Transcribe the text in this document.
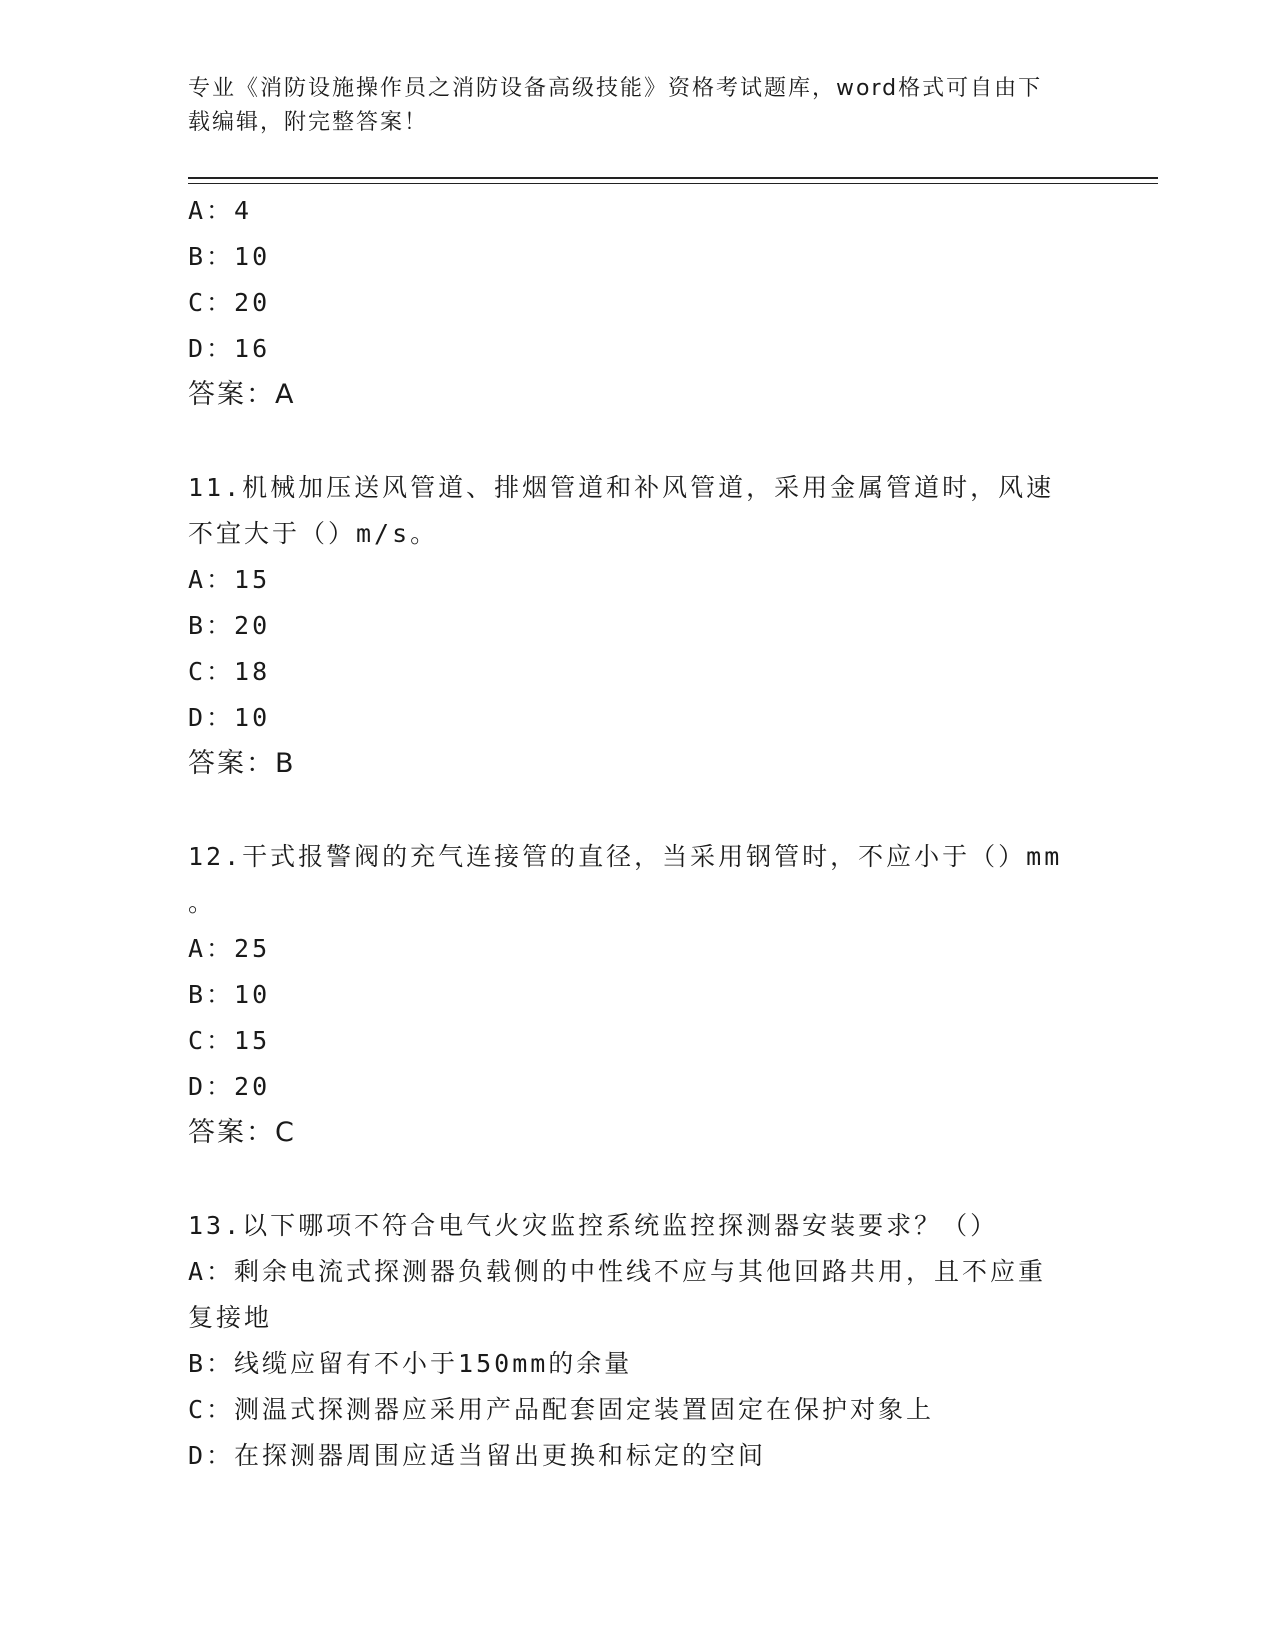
专业《消防设施操作员之消防设备高级技能》资格考试题库，word格式可自由下
载编辑，附完整答案！
A：4
B：10
C：20
D：16
答案：A
11.机械加压送风管道、排烟管道和补风管道，采用金属管道时，风速
不宜大于（）m/s。
A：15
B：20
C：18
D：10
答案：B
12.干式报警阀的充气连接管的直径，当采用钢管时，不应小于（）mm
。
A：25
B：10
C：15
D：20
答案：C
13.以下哪项不符合电气火灾监控系统监控探测器安装要求？（）
A：剩余电流式探测器负载侧的中性线不应与其他回路共用，且不应重
复接地
B：线缆应留有不小于150mm的余量
C：测温式探测器应采用产品配套固定装置固定在保护对象上
D：在探测器周围应适当留出更换和标定的空间
